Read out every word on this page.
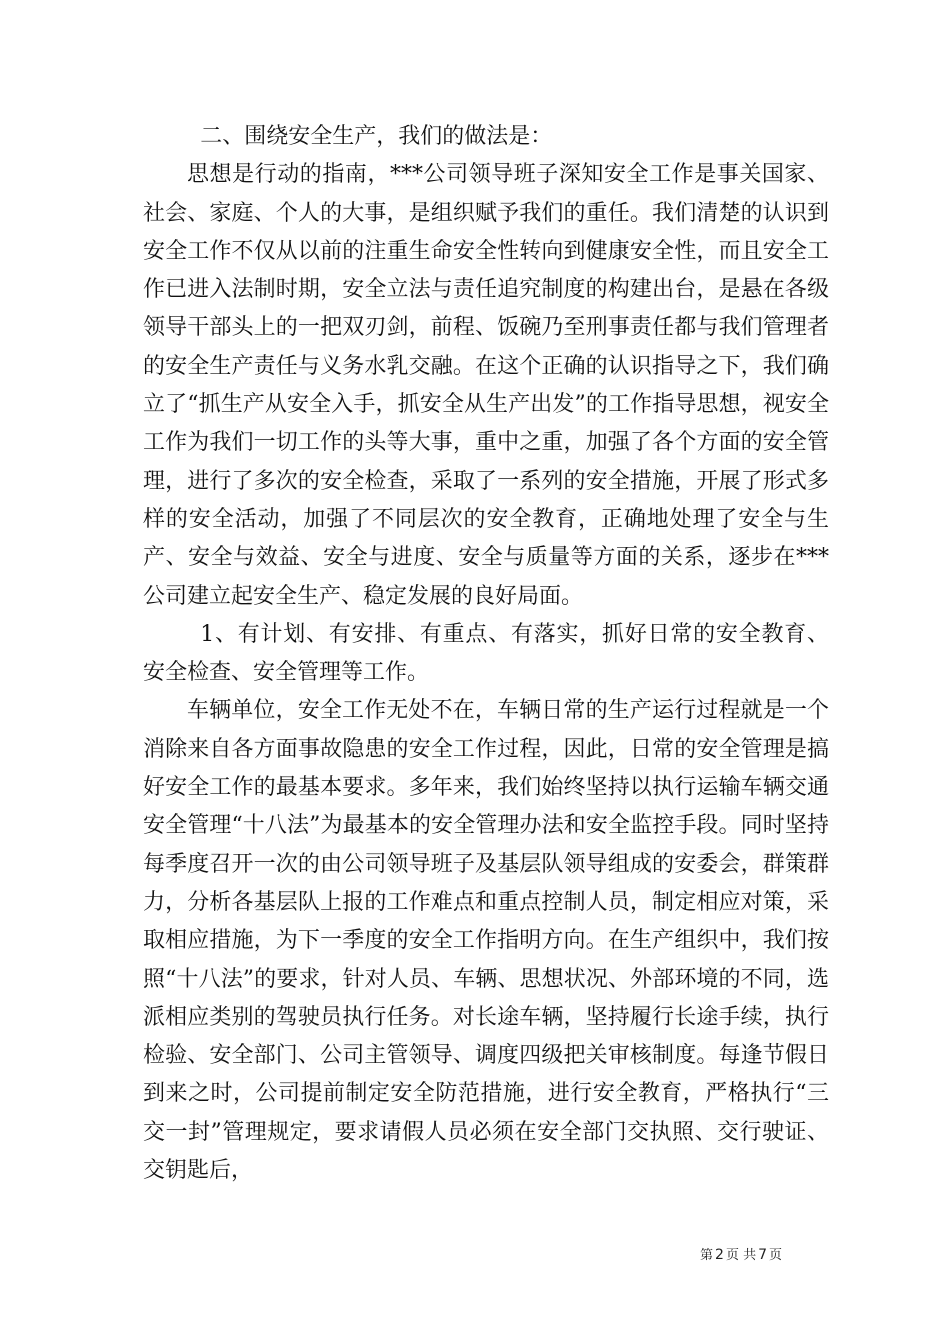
二、围绕安全生产，我们的做法是：

思想是行动的指南，***公司领导班子深知安全工作是事关国家、社会、家庭、个人的大事，是组织赋予我们的重任。我们清楚的认识到安全工作不仅从以前的注重生命安全性转向到健康安全性，而且安全工作已进入法制时期，安全立法与责任追究制度的构建出台，是悬在各级领导干部头上的一把双刃剑，前程、饭碗乃至刑事责任都与我们管理者的安全生产责任与义务水乳交融。在这个正确的认识指导之下，我们确立了“抓生产从安全入手，抓安全从生产出发”的工作指导思想，视安全工作为我们一切工作的头等大事，重中之重，加强了各个方面的安全管理，进行了多次的安全检查，采取了一系列的安全措施，开展了形式多样的安全活动，加强了不同层次的安全教育，正确地处理了安全与生产、安全与效益、安全与进度、安全与质量等方面的关系，逐步在***公司建立起安全生产、稳定发展的良好局面。

1、有计划、有安排、有重点、有落实，抓好日常的安全教育、安全检查、安全管理等工作。

车辆单位，安全工作无处不在，车辆日常的生产运行过程就是一个消除来自各方面事故隐患的安全工作过程，因此，日常的安全管理是搞好安全工作的最基本要求。多年来，我们始终坚持以执行运输车辆交通安全管理“十八法”为最基本的安全管理办法和安全监控手段。同时坚持每季度召开一次的由公司领导班子及基层队领导组成的安委会，群策群力，分析各基层队上报的工作难点和重点控制人员，制定相应对策，采取相应措施，为下一季度的安全工作指明方向。在生产组织中，我们按照“十八法”的要求，针对人员、车辆、思想状况、外部环境的不同，选派相应类别的驾驶员执行任务。对长途车辆，坚持履行长途手续，执行检验、安全部门、公司主管领导、调度四级把关审核制度。每逢节假日到来之时，公司提前制定安全防范措施，进行安全教育，严格执行“三交一封”管理规定，要求请假人员必须在安全部门交执照、交行驶证、交钥匙后，

第 2 页 共 7 页
